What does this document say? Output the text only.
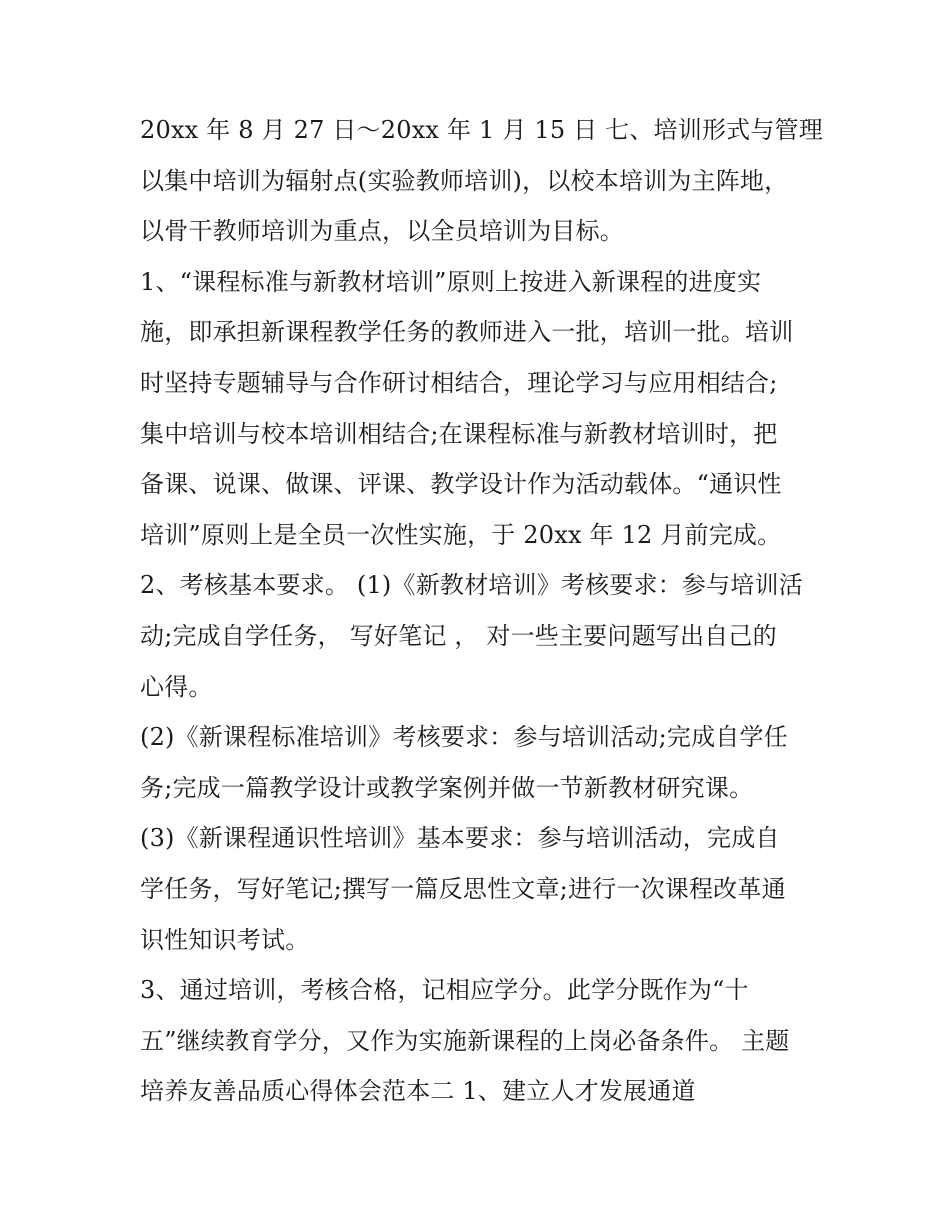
20xx 年 8 月 27 日～20xx 年 1 月 15 日 七、培训形式与管理
以集中培训为辐射点(实验教师培训)，以校本培训为主阵地，
以骨干教师培训为重点，以全员培训为目标。
1、“课程标准与新教材培训”原则上按进入新课程的进度实
施，即承担新课程教学任务的教师进入一批，培训一批。培训
时坚持专题辅导与合作研讨相结合，理论学习与应用相结合;
集中培训与校本培训相结合;在课程标准与新教材培训时，把
备课、说课、做课、评课、教学设计作为活动载体。“通识性
培训”原则上是全员一次性实施，于 20xx 年 12 月前完成。
2、考核基本要求。 (1)《新教材培训》考核要求：参与培训活
动;完成自学任务， 写好笔记 ， 对一些主要问题写出自己的
心得。
(2)《新课程标准培训》考核要求：参与培训活动;完成自学任
务;完成一篇教学设计或教学案例并做一节新教材研究课。
(3)《新课程通识性培训》基本要求：参与培训活动，完成自
学任务，写好笔记;撰写一篇反思性文章;进行一次课程改革通
识性知识考试。
3、通过培训，考核合格，记相应学分。此学分既作为“十
五”继续教育学分，又作为实施新课程的上岗必备条件。 主题
培养友善品质心得体会范本二 1、建立人才发展通道
